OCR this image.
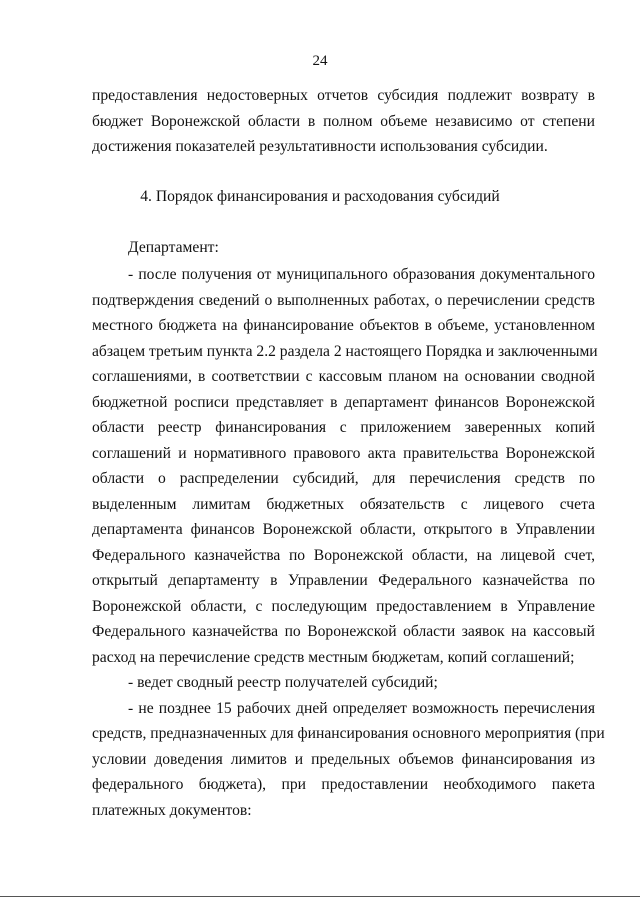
24
предоставления недостоверных отчетов субсидия подлежит возврату в
бюджет Воронежской области в полном объеме независимо от степени
достижения показателей результативности использования субсидии.
4. Порядок финансирования и расходования субсидий
Департамент:
- после получения от муниципального образования документального
подтверждения сведений о выполненных работах, о перечислении средств
местного бюджета на финансирование объектов в объеме, установленном
абзацем третьим пункта 2.2 раздела 2 настоящего Порядка и заключенными
соглашениями, в соответствии с кассовым планом на основании сводной
бюджетной росписи представляет в департамент финансов Воронежской
области реестр финансирования с приложением заверенных копий
соглашений и нормативного правового акта правительства Воронежской
области о распределении субсидий, для перечисления средств по
выделенным лимитам бюджетных обязательств с лицевого счета
департамента финансов Воронежской области, открытого в Управлении
Федерального казначейства по Воронежской области, на лицевой счет,
открытый департаменту в Управлении Федерального казначейства по
Воронежской области, с последующим предоставлением в Управление
Федерального казначейства по Воронежской области заявок на кассовый
расход на перечисление средств местным бюджетам, копий соглашений;
- ведет сводный реестр получателей субсидий;
- не позднее 15 рабочих дней определяет возможность перечисления
средств, предназначенных для финансирования основного мероприятия (при
условии доведения лимитов и предельных объемов финансирования из
федерального бюджета), при предоставлении необходимого пакета
платежных документов:
